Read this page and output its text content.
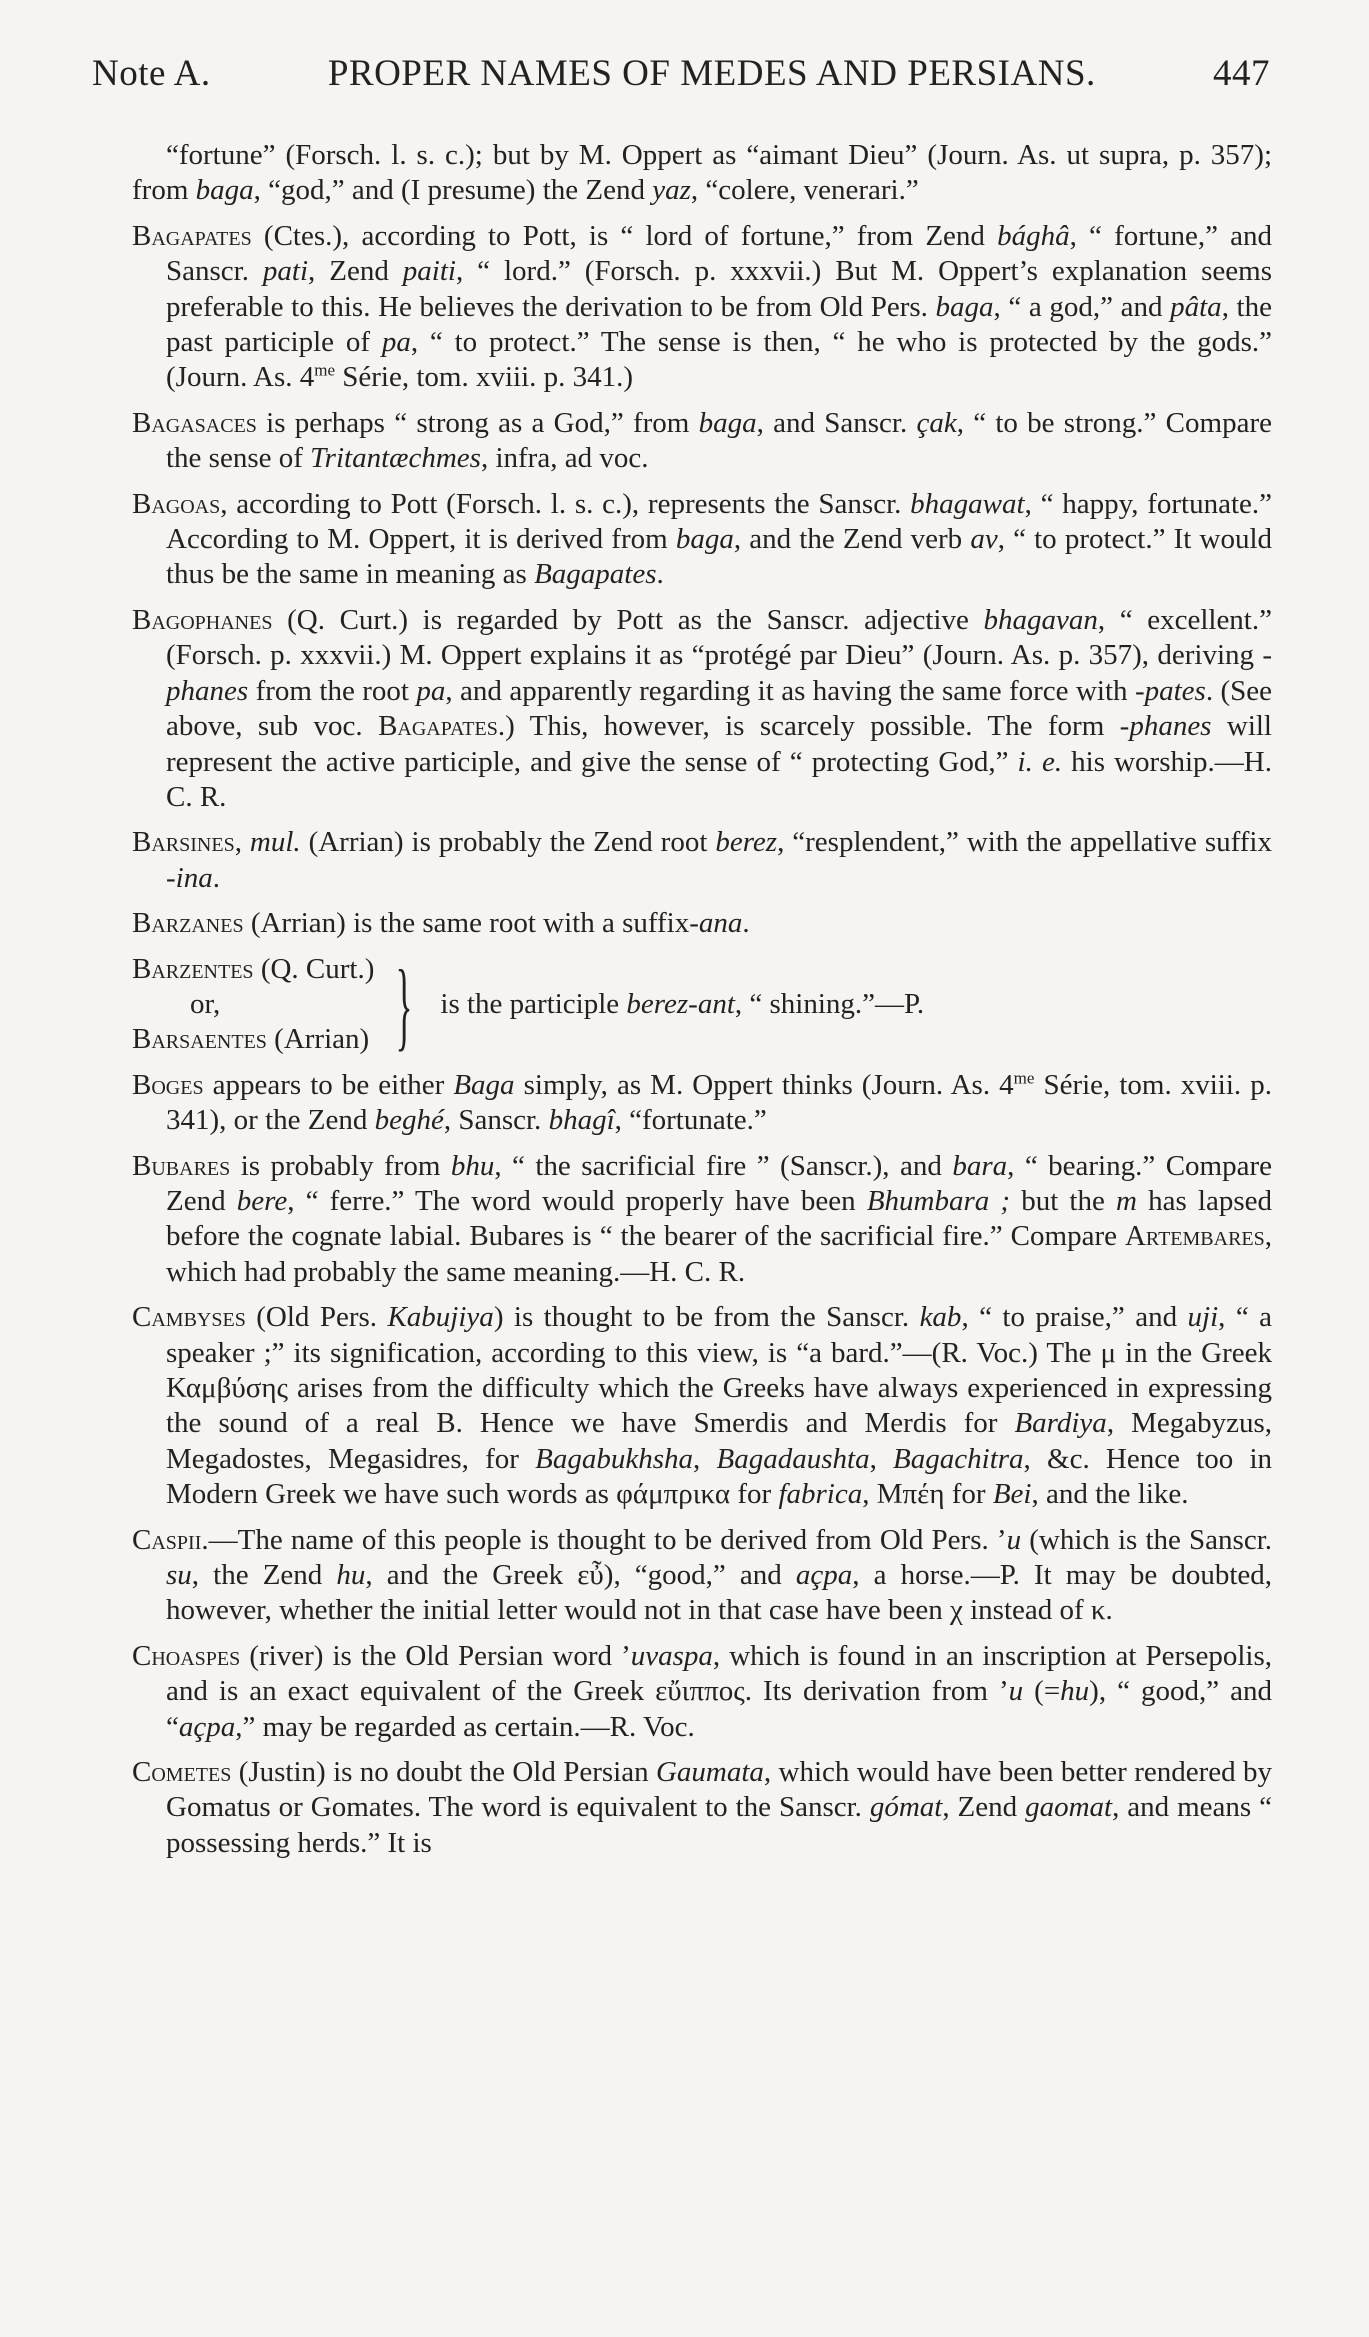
Note A.	PROPER NAMES OF MEDES AND PERSIANS.	447
“fortune” (Forsch. l. s. c.); but by M. Oppert as “aimant Dieu” (Journ. As. ut supra, p. 357); from baga, “god,” and (I presume) the Zend yaz, “colere, venerari.”
Bagapates (Ctes.), according to Pott, is “ lord of fortune,” from Zend bághâ, “ fortune,” and Sanscr. pati, Zend paiti, “ lord.” (Forsch. p. xxxvii.) But M. Oppert’s explanation seems preferable to this. He believes the derivation to be from Old Pers. baga, “ a god,” and pâta, the past participle of pa, “ to protect.” The sense is then, “ he who is protected by the gods.” (Journ. As. $4^{me}$ Série, tom. xviii. p. 341.)
Bagasaces is perhaps “ strong as a God,” from baga, and Sanscr. çak, “ to be strong.” Compare the sense of Tritantæchmes, infra, ad voc.
Bagoas, according to Pott (Forsch. l. s. c.), represents the Sanscr. bhagawat, “ happy, fortunate.” According to M. Oppert, it is derived from baga, and the Zend verb av, “ to protect.” It would thus be the same in meaning as Bagapates.
Bagophanes (Q. Curt.) is regarded by Pott as the Sanscr. adjective bhagavan, “ excellent.” (Forsch. p. xxxvii.) M. Oppert explains it as “protégé par Dieu” (Journ. As. p. 357), deriving -phanes from the root pa, and apparently regarding it as having the same force with -pates. (See above, sub voc. Bagapates.) This, however, is scarcely possible. The form -phanes will represent the active participle, and give the sense of “ protecting God,” i. e. his worship.—H. C. R.
Barsines, mul. (Arrian) is probably the Zend root berez, “resplendent,” with the appellative suffix -ina.
Barzanes (Arrian) is the same root with a suffix-ana.
Barzentes (Q. Curt.)
or,
Barsaentes (Arrian) } is the participle berez-ant, “ shining.”—P.
Boges appears to be either Baga simply, as M. Oppert thinks (Journ. As. $4^{me}$ Série, tom. xviii. p. 341), or the Zend beghé, Sanscr. bhagî, “fortunate.”
Bubares is probably from bhu, “ the sacrificial fire ” (Sanscr.), and bara, “ bearing.” Compare Zend bere, “ ferre.” The word would properly have been Bhumbara ; but the m has lapsed before the cognate labial. Bubares is “ the bearer of the sacrificial fire.” Compare Artembares, which had probably the same meaning.—H. C. R.
Cambyses (Old Pers. Kabujiya) is thought to be from the Sanscr. kab, “ to praise,” and uji, “ a speaker ;” its signification, according to this view, is “a bard.”—(R. Voc.) The μ in the Greek Καμβύσης arises from the difficulty which the Greeks have always experienced in expressing the sound of a real B. Hence we have Smerdis and Merdis for Bardiya, Megabyzus, Megadostes, Megasidres, for Bagabukhsha, Bagadaushta, Bagachitra, &c. Hence too in Modern Greek we have such words as φάμπρικα for fabrica, Μπέη for Bei, and the like.
Caspii.—The name of this people is thought to be derived from Old Pers. ’u (which is the Sanscr. su, the Zend hu, and the Greek εὖ), “good,” and açpa, a horse.—P. It may be doubted, however, whether the initial letter would not in that case have been χ instead of κ.
Choaspes (river) is the Old Persian word ’uvaspa, which is found in an inscription at Persepolis, and is an exact equivalent of the Greek εὔιππος. Its derivation from ’u (=hu), “ good,” and “açpa,” may be regarded as certain.—R. Voc.
Cometes (Justin) is no doubt the Old Persian Gaumata, which would have been better rendered by Gomatus or Gomates. The word is equivalent to the Sanscr. gómat, Zend gaomat, and means “ possessing herds.” It is
